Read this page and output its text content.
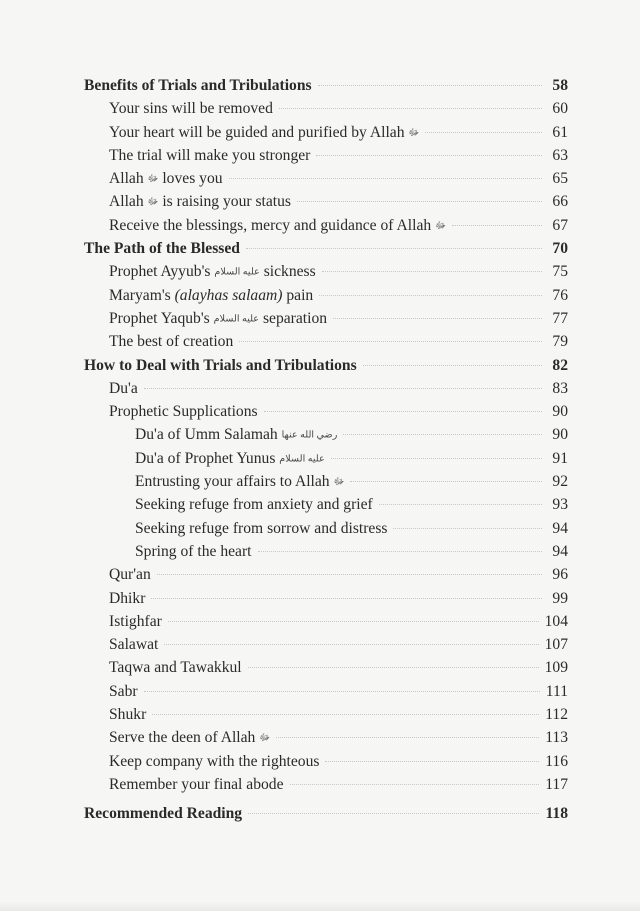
Benefits of Trials and Tribulations	58
Your sins will be removed	60
Your heart will be guided and purified by Allah ﷻ	61
The trial will make you stronger	63
Allah ﷻ loves you	65
Allah ﷻ is raising your status	66
Receive the blessings, mercy and guidance of Allah ﷻ	67
The Path of the Blessed	70
Prophet Ayyub's عليه السلام sickness	75
Maryam's (alayhas salaam) pain	76
Prophet Yaqub's عليه السلام separation	77
The best of creation	79
How to Deal with Trials and Tribulations	82
Du'a	83
Prophetic Supplications	90
Du'a of Umm Salamah رضي الله عنها	90
Du'a of Prophet Yunus عليه السلام	91
Entrusting your affairs to Allah ﷻ	92
Seeking refuge from anxiety and grief	93
Seeking refuge from sorrow and distress	94
Spring of the heart	94
Qur'an	96
Dhikr	99
Istighfar	104
Salawat	107
Taqwa and Tawakkul	109
Sabr	111
Shukr	112
Serve the deen of Allah ﷻ	113
Keep company with the righteous	116
Remember your final abode	117
Recommended Reading	118
